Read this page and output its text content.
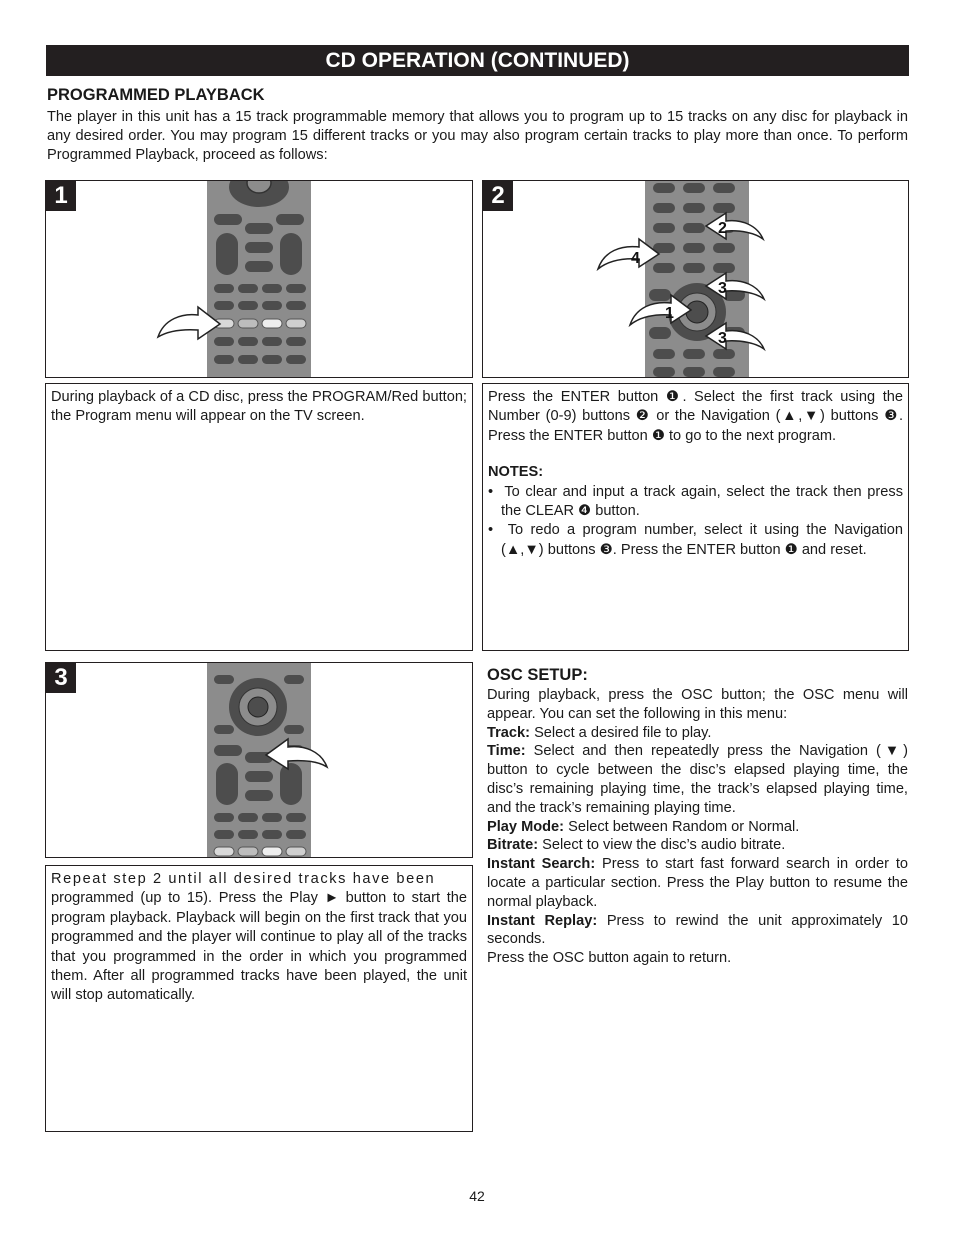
CD OPERATION (CONTINUED)
PROGRAMMED PLAYBACK
The player in this unit has a 15 track programmable memory that allows you to program up to 15 tracks on any disc for playback in any desired order. You may program 15 different tracks or you may also program certain tracks to play more than once. To perform Programmed Playback, proceed as follows:
1
2
4
3
1
3
2
During playback of a CD disc, press the PROGRAM/Red button; the Program menu will appear on the TV screen.
Press the ENTER button ❶. Select the first track using the Number (0-9) buttons ❷ or the Navigation (▲,▼) buttons ❸. Press the ENTER button ❶ to go to the next program.
NOTES:
•  To clear and input a track again, select the track then press the CLEAR ❹ button.
•  To redo a program number, select it using the Navigation (▲,▼) buttons ❸. Press the ENTER button ❶ and reset.
3
Repeat step 2 until all desired tracks have been
programmed (up to 15). Press the Play ► button to start the program playback. Playback will begin on the first track that you programmed and the player will continue to play all of the tracks that you programmed in the order in which you programmed them. After all programmed tracks have been played, the unit will stop automatically.
OSC SETUP:
During playback, press the OSC button; the OSC menu will appear. You can set the following in this menu:
Track: Select a desired file to play.
Time: Select and then repeatedly press the Navigation (▼) button to cycle between the disc’s elapsed playing time, the disc’s remaining playing time, the track’s elapsed playing time, and the track’s remaining playing time.
Play Mode: Select between Random or Normal.
Bitrate: Select to view the disc’s audio bitrate.
Instant Search: Press to start fast forward search in order to locate a particular section. Press the Play button to resume the normal playback.
Instant Replay: Press to rewind the unit approximately 10 seconds.
Press the OSC button again to return.
42
